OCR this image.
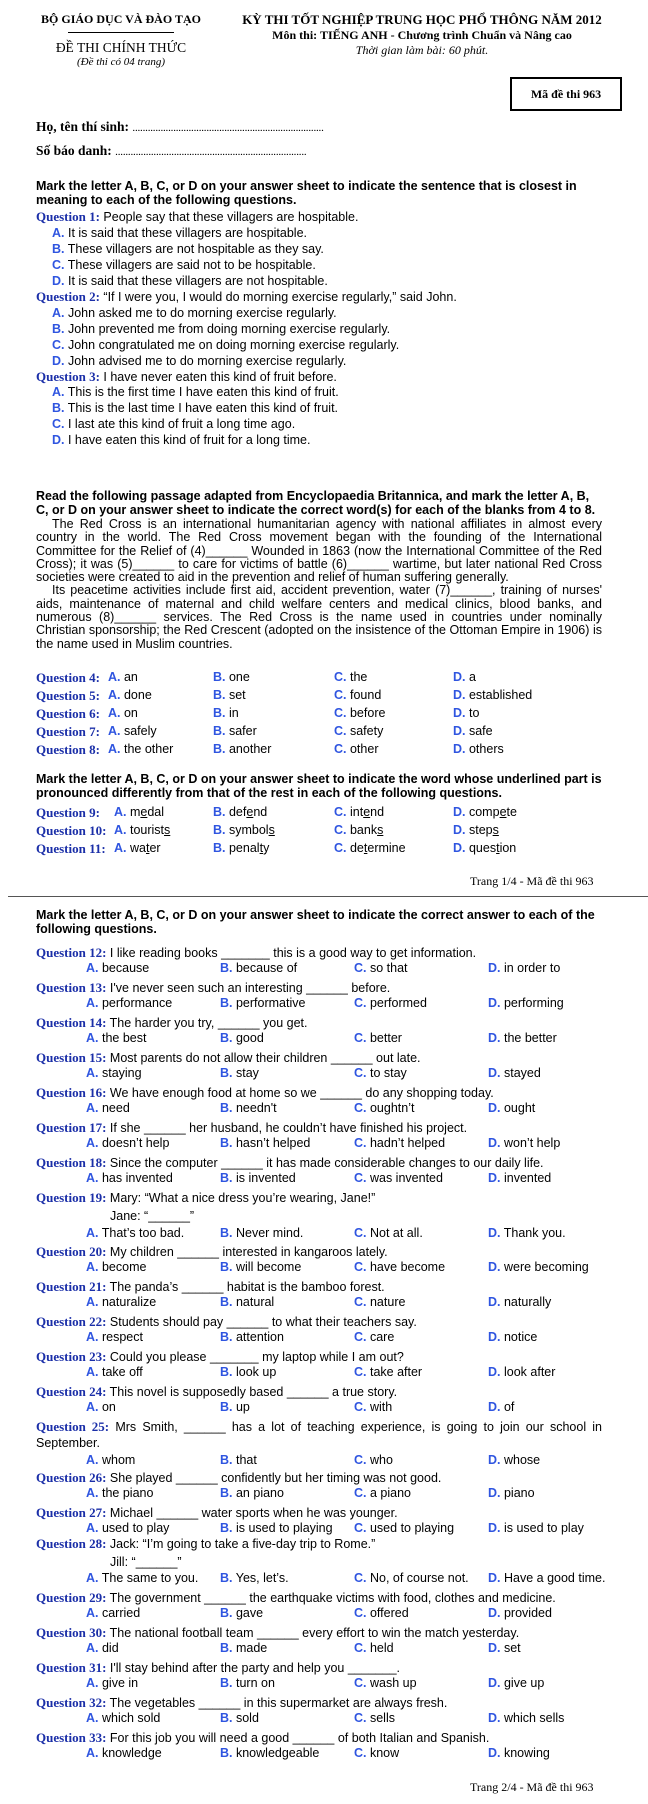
BỘ GIÁO DỤC VÀ ĐÀO TẠO
ĐỀ THI CHÍNH THỨC
(Đề thi có 04 trang)
KỲ THI TỐT NGHIỆP TRUNG HỌC PHỔ THÔNG NĂM 2012
Môn thi: TIẾNG ANH - Chương trình Chuẩn và Nâng cao
Thời gian làm bài: 60 phút.
Mã đề thi 963
Họ, tên thí sinh: ...........................................................................
Số báo danh: ...........................................................................
Mark the letter A, B, C, or D on your answer sheet to indicate the sentence that is closest in meaning to each of the following questions.
Question 1: People say that these villagers are hospitable.
A. It is said that these villagers are hospitable.
B. These villagers are not hospitable as they say.
C. These villagers are said not to be hospitable.
D. It is said that these villagers are not hospitable.
Question 2: “If I were you, I would do morning exercise regularly,” said John.
A. John asked me to do morning exercise regularly.
B. John prevented me from doing morning exercise regularly.
C. John congratulated me on doing morning exercise regularly.
D. John advised me to do morning exercise regularly.
Question 3: I have never eaten this kind of fruit before.
A. This is the first time I have eaten this kind of fruit.
B. This is the last time I have eaten this kind of fruit.
C. I last ate this kind of fruit a long time ago.
D. I have eaten this kind of fruit for a long time.
Read the following passage adapted from Encyclopaedia Britannica, and mark the letter A, B, C, or D on your answer sheet to indicate the correct word(s) for each of the blanks from 4 to 8.

The Red Cross is an international humanitarian agency with national affiliates in almost every country in the world. The Red Cross movement began with the founding of the International Committee for the Relief of (4)______ Wounded in 1863 (now the International Committee of the Red Cross); it was (5)______ to care for victims of battle (6)______ wartime, but later national Red Cross societies were created to aid in the prevention and relief of human suffering generally.

Its peacetime activities include first aid, accident prevention, water (7)______, training of nurses' aids, maintenance of maternal and child welfare centers and medical clinics, blood banks, and numerous (8)______ services. The Red Cross is the name used in countries under nominally Christian sponsorship; the Red Crescent (adopted on the insistence of the Ottoman Empire in 1906) is the name used in Muslim countries.

Question 4: A. an	B. one	C. the	D. a
Question 5: A. done	B. set	C. found	D. established
Question 6: A. on	B. in	C. before	D. to
Question 7: A. safely	B. safer	C. safety	D. safe
Question 8: A. the other	B. another	C. other	D. others
Mark the letter A, B, C, or D on your answer sheet to indicate the word whose underlined part is pronounced differently from that of the rest in each of the following questions.
Question 9: A. medal	B. defend	C. intend	D. compete
Question 10: A. tourists	B. symbols	C. banks	D. steps
Question 11: A. water	B. penalty	C. determine	D. question
Trang 1/4 - Mã đề thi 963
Mark the letter A, B, C, or D on your answer sheet to indicate the correct answer to each of the following questions.
Question 12: I like reading books _______ this is a good way to get information.
A. because	B. because of	C. so that	D. in order to
Question 13: I've never seen such an interesting ______ before.
A. performance	B. performative	C. performed	D. performing
Question 14: The harder you try, ______ you get.
A. the best	B. good	C. better	D. the better
Question 15: Most parents do not allow their children ______ out late.
A. staying	B. stay	C. to stay	D. stayed
Question 16: We have enough food at home so we ______ do any shopping today.
A. need	B. needn't	C. oughtn’t	D. ought
Question 17: If she ______ her husband, he couldn’t have finished his project.
A. doesn’t help	B. hasn’t helped	C. hadn’t helped	D. won’t help
Question 18: Since the computer ______ it has made considerable changes to our daily life.
A. has invented	B. is invented	C. was invented	D. invented
Question 19: Mary: “What a nice dress you’re wearing, Jane!”
Jane: “______”
A. That’s too bad.	B. Never mind.	C. Not at all.	D. Thank you.
Question 20: My children ______ interested in kangaroos lately.
A. become	B. will become	C. have become	D. were becoming
Question 21: The panda’s ______ habitat is the bamboo forest.
A. naturalize	B. natural	C. nature	D. naturally
Question 22: Students should pay ______ to what their teachers say.
A. respect	B. attention	C. care	D. notice
Question 23: Could you please _______ my laptop while I am out?
A. take off	B. look up	C. take after	D. look after
Question 24: This novel is supposedly based ______ a true story.
A. on	B. up	C. with	D. of
Question 25: Mrs Smith, ______ has a lot of teaching experience, is going to join our school in September.
A. whom	B. that	C. who	D. whose
Question 26: She played ______ confidently but her timing was not good.
A. the piano	B. an piano	C. a piano	D. piano
Question 27: Michael ______ water sports when he was younger.
A. used to play	B. is used to playing C. used to playing	D. is used to play
Question 28: Jack: “I’m going to take a five-day trip to Rome.”
Jill: “______”
A. The same to you. B. Yes, let’s.	C. No, of course not. D. Have a good time.
Question 29: The government ______ the earthquake victims with food, clothes and medicine.
A. carried	B. gave	C. offered	D. provided
Question 30: The national football team ______ every effort to win the match yesterday.
A. did	B. made	C. held	D. set
Question 31: I'll stay behind after the party and help you _______.
A. give in	B. turn on	C. wash up	D. give up
Question 32: The vegetables ______ in this supermarket are always fresh.
A. which sold	B. sold	C. sells	D. which sells
Question 33: For this job you will need a good ______ of both Italian and Spanish.
A. knowledge	B. knowledgeable	C. know	D. knowing
Trang 2/4 - Mã đề thi 963
